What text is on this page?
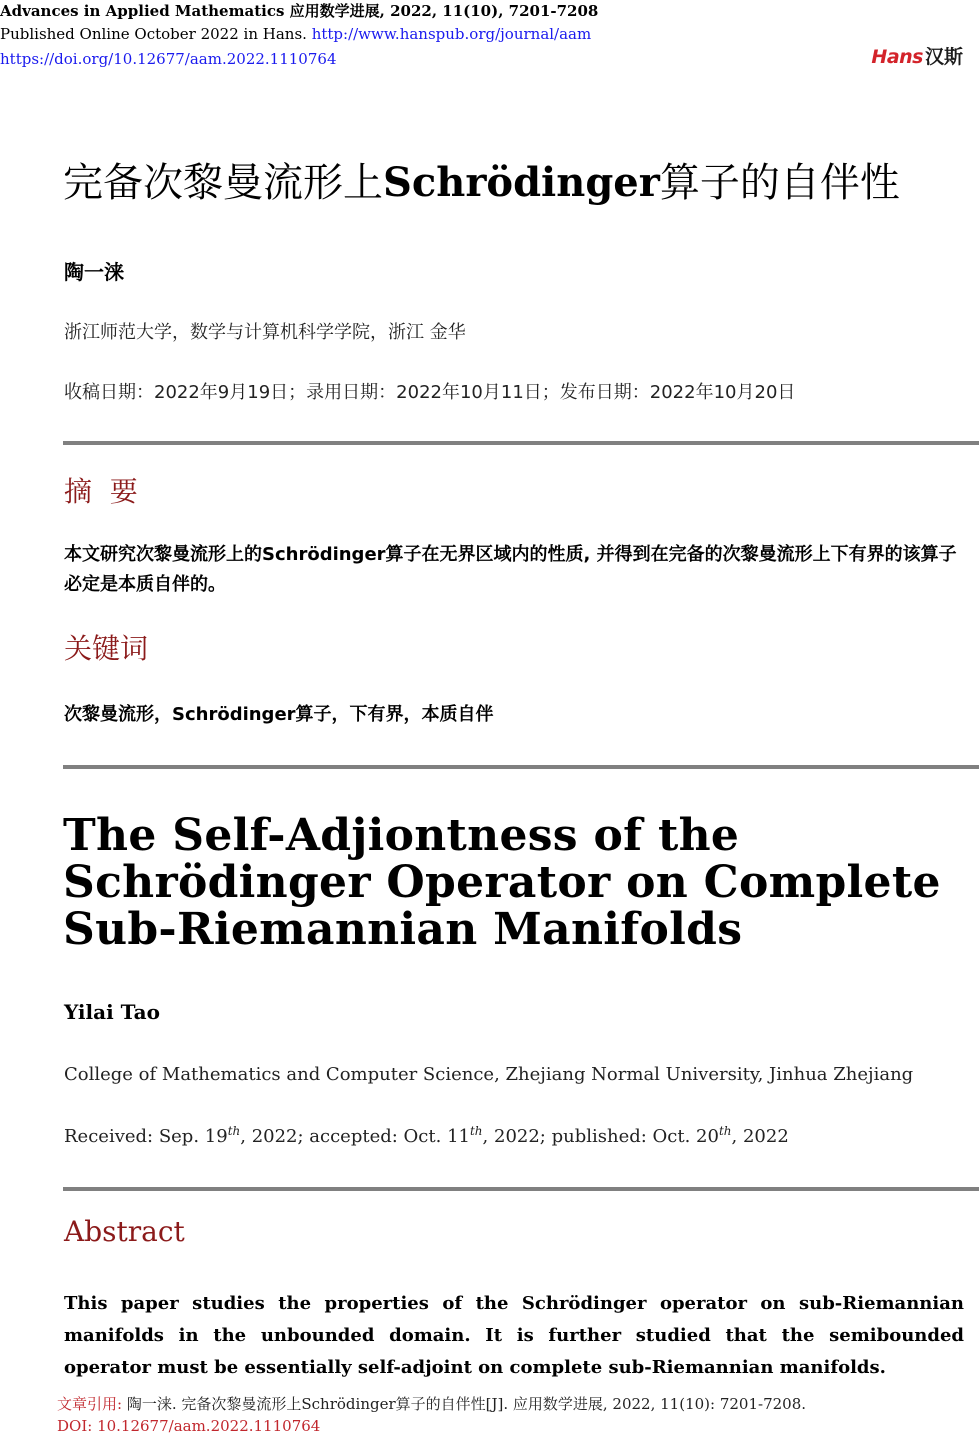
Advances in Applied Mathematics 应用数学进展, 2022, 11(10), 7201-7208
Published Online October 2022 in Hans. http://www.hanspub.org/journal/aam
https://doi.org/10.12677/aam.2022.1110764	Hans 汉斯
完备次黎曼流形上Schrödinger算子的自伴性
陶一涞
浙江师范大学，数学与计算机科学学院，浙江 金华
收稿日期：2022年9月19日；录用日期：2022年10月11日；发布日期：2022年10月20日
摘  要
本文研究次黎曼流形上的Schrödinger算子在无界区域内的性质, 并得到在完备的次黎曼流形上下有界的该算子必定是本质自伴的。
关键词
次黎曼流形，Schrödinger算子，下有界，本质自伴
The Self-Adjiontness of the Schrödinger Operator on Complete Sub-Riemannian Manifolds
Yilai Tao
College of Mathematics and Computer Science, Zhejiang Normal University, Jinhua Zhejiang
Received: Sep. 19th, 2022; accepted: Oct. 11th, 2022; published: Oct. 20th, 2022
Abstract
This paper studies the properties of the Schrödinger operator on sub-Riemannian manifolds in the unbounded domain. It is further studied that the semibounded operator must be essentially self-adjoint on complete sub-Riemannian manifolds.
文章引用: 陶一涞. 完备次黎曼流形上Schrödinger算子的自伴性[J]. 应用数学进展, 2022, 11(10): 7201-7208.
DOI: 10.12677/aam.2022.1110764
